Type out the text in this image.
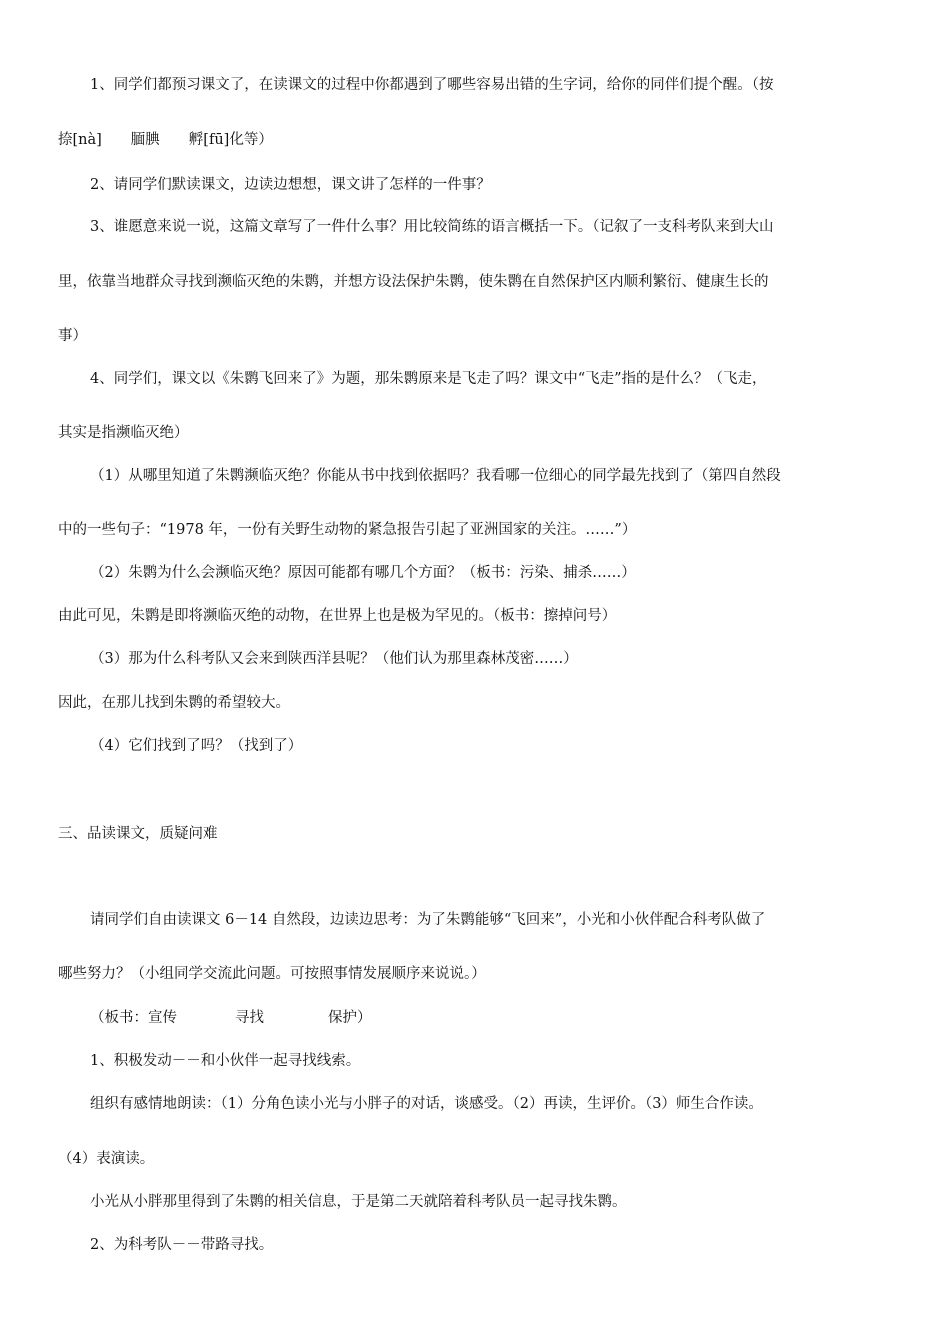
1、同学们都预习课文了，在读课文的过程中你都遇到了哪些容易出错的生字词，给你的同伴们提个醒。（按
捺[nà]　　腼腆　　孵[fū]化等）
2、请同学们默读课文，边读边想想，课文讲了怎样的一件事？
3、谁愿意来说一说，这篇文章写了一件什么事？用比较简练的语言概括一下。（记叙了一支科考队来到大山
里，依靠当地群众寻找到濒临灭绝的朱鹮，并想方设法保护朱鹮，使朱鹮在自然保护区内顺利繁衍、健康生长的
事）
4、同学们，课文以《朱鹮飞回来了》为题，那朱鹮原来是飞走了吗？课文中“飞走”指的是什么？（飞走，
其实是指濒临灭绝）
（1）从哪里知道了朱鹮濒临灭绝？你能从书中找到依据吗？我看哪一位细心的同学最先找到了（第四自然段
中的一些句子：“1978 年，一份有关野生动物的紧急报告引起了亚洲国家的关注。……”）
（2）朱鹮为什么会濒临灭绝？原因可能都有哪几个方面？（板书：污染、捕杀……）
由此可见，朱鹮是即将濒临灭绝的动物，在世界上也是极为罕见的。（板书：擦掉问号）
（3）那为什么科考队又会来到陕西洋县呢？（他们认为那里森林茂密……）
因此，在那儿找到朱鹮的希望较大。
（4）它们找到了吗？（找到了）
三、品读课文，质疑问难
请同学们自由读课文 6－14 自然段，边读边思考：为了朱鹮能够“飞回来”，小光和小伙伴配合科考队做了
哪些努力？（小组同学交流此问题。可按照事情发展顺序来说说。）
（板书：宣传	寻找	保护）
1、积极发动－－和小伙伴一起寻找线索。
组织有感情地朗读：（1）分角色读小光与小胖子的对话，谈感受。（2）再读，生评价。（3）师生合作读。
（4）表演读。
小光从小胖那里得到了朱鹮的相关信息，于是第二天就陪着科考队员一起寻找朱鹮。
2、为科考队－－带路寻找。
